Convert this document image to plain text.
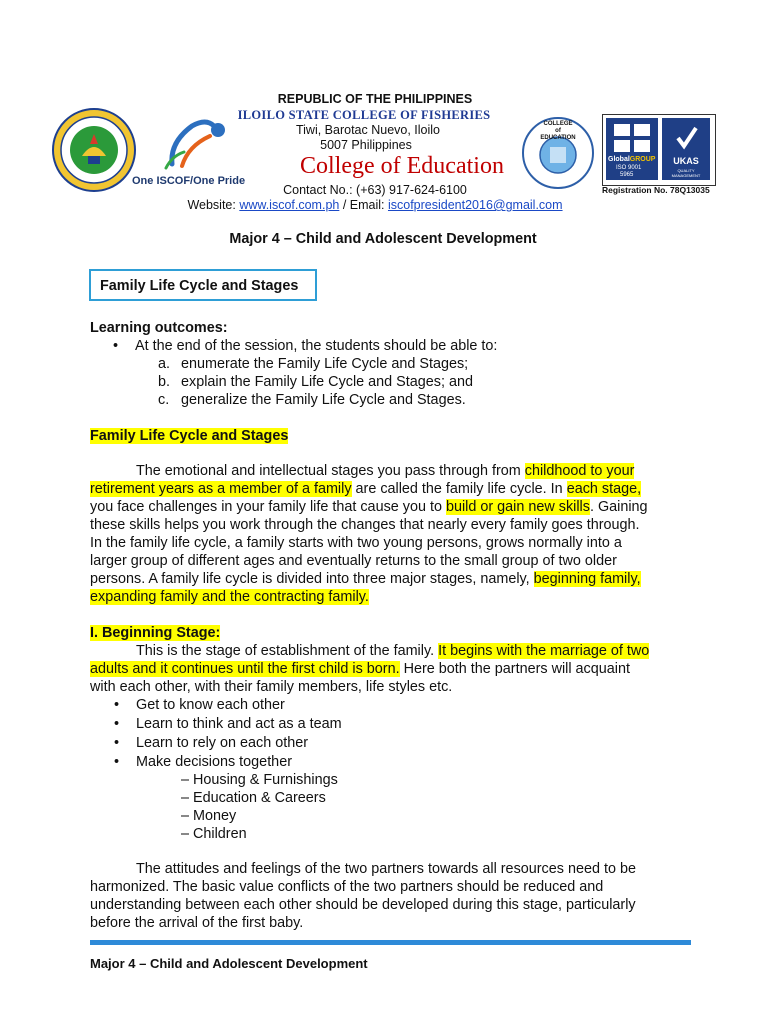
One ISCOF/One Pride
COLLEGE
of
EDUCATION
GlobalGROUP
ISO 9001
5965
UKAS
QUALITY MANAGEMENT
Registration No. 78Q13035
REPUBLIC OF THE PHILIPPINES
ILOILO STATE COLLEGE OF FISHERIES
Tiwi, Barotac Nuevo, Iloilo
5007 Philippines
College of Education
Contact No.: (+63) 917-624-6100
Website: www.iscof.com.ph / Email: iscofpresident2016@gmail.com
Major 4 – Child and Adolescent Development
Family Life Cycle and Stages
Learning outcomes:
• At the end of the session, the students should be able to:
a. enumerate the Family Life Cycle and Stages;
b. explain the Family Life Cycle and Stages; and
c. generalize the Family Life Cycle and Stages.
Family Life Cycle and Stages
The emotional and intellectual stages you pass through from childhood to your
retirement years as a member of a family are called the family life cycle. In each stage,
you face challenges in your family life that cause you to build or gain new skills. Gaining
these skills helps you work through the changes that nearly every family goes through.
In the family life cycle, a family starts with two young persons, grows normally into a
larger group of different ages and eventually returns to the small group of two older
persons. A family life cycle is divided into three major stages, namely, beginning family,
expanding family and the contracting family.
I. Beginning Stage:
This is the stage of establishment of the family. It begins with the marriage of two
adults and it continues until the first child is born. Here both the partners will acquaint
with each other, with their family members, life styles etc.
• Get to know each other
• Learn to think and act as a team
• Learn to rely on each other
• Make decisions together
– Housing & Furnishings
– Education & Careers
– Money
– Children
The attitudes and feelings of the two partners towards all resources need to be
harmonized. The basic value conflicts of the two partners should be reduced and
understanding between each other should be developed during this stage, particularly
before the arrival of the first baby.
Major 4 – Child and Adolescent Development
